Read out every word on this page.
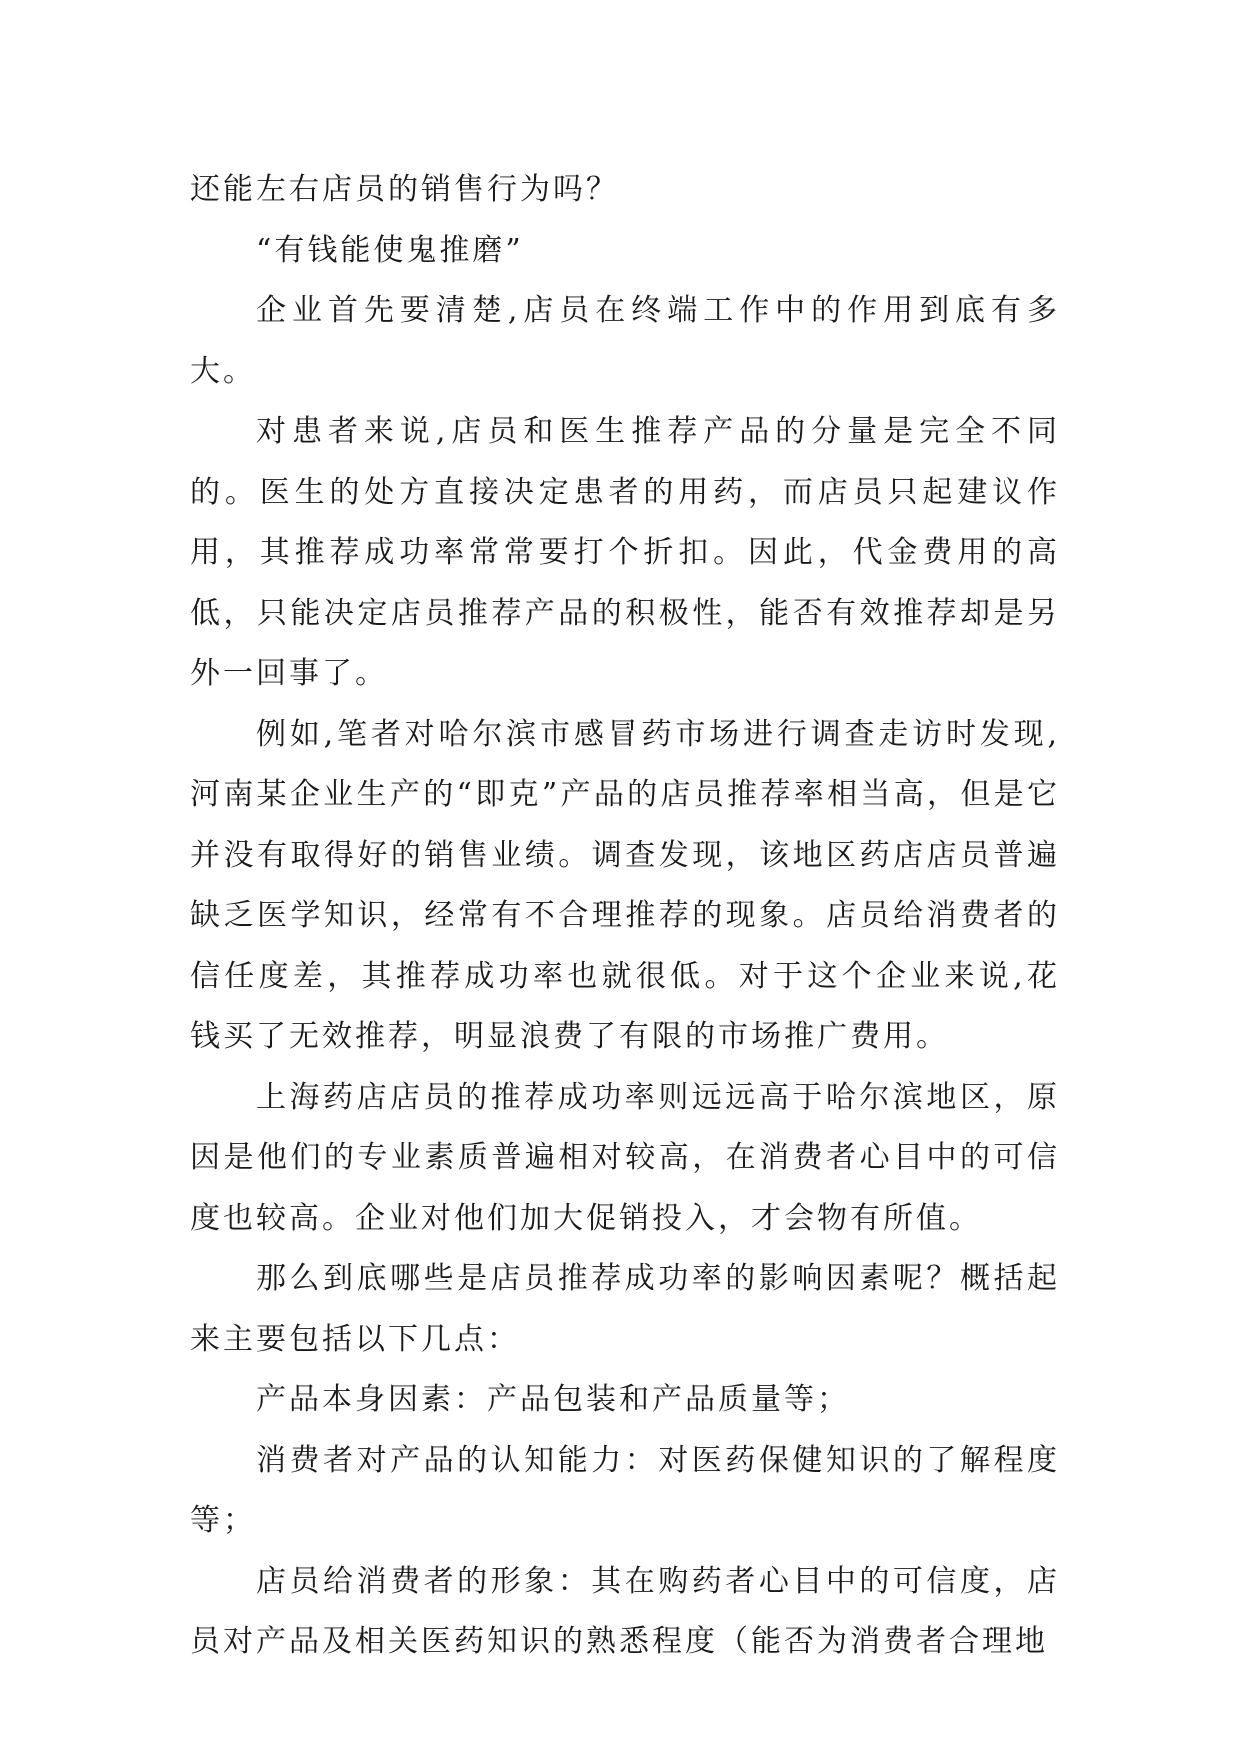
还能左右店员的销售行为吗？

“有钱能使鬼推磨”

企业首先要清楚,店员在终端工作中的作用到底有多大。

对患者来说,店员和医生推荐产品的分量是完全不同的。医生的处方直接决定患者的用药，而店员只起建议作用，其推荐成功率常常要打个折扣。因此，代金费用的高低，只能决定店员推荐产品的积极性，能否有效推荐却是另外一回事了。

例如,笔者对哈尔滨市感冒药市场进行调查走访时发现,河南某企业生产的“即克”产品的店员推荐率相当高，但是它并没有取得好的销售业绩。调查发现，该地区药店店员普遍缺乏医学知识，经常有不合理推荐的现象。店员给消费者的信任度差，其推荐成功率也就很低。对于这个企业来说,花钱买了无效推荐，明显浪费了有限的市场推广费用。

上海药店店员的推荐成功率则远远高于哈尔滨地区，原因是他们的专业素质普遍相对较高，在消费者心目中的可信度也较高。企业对他们加大促销投入，才会物有所值。

那么到底哪些是店员推荐成功率的影响因素呢？概括起来主要包括以下几点：

产品本身因素：产品包装和产品质量等；

消费者对产品的认知能力：对医药保健知识的了解程度等；

店员给消费者的形象：其在购药者心目中的可信度，店员对产品及相关医药知识的熟悉程度（能否为消费者合理地
